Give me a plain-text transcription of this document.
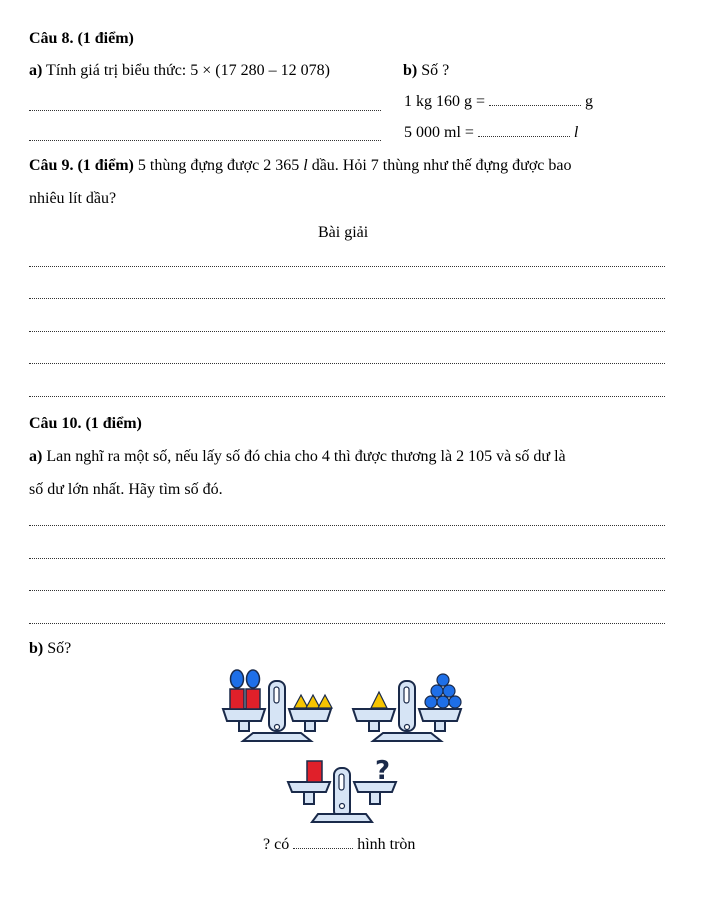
Câu 8. (1 điểm)
a) Tính giá trị biểu thức: 5 × (17 280 – 12 078)	b) Số ?
1 kg 160 g =	g
5 000 ml =	l
Câu 9. (1 điểm) 5 thùng đựng được 2 365 l dầu. Hỏi 7 thùng như thế đựng được bao
nhiêu lít dầu?
Bài giải
Câu 10. (1 điểm)
a) Lan nghĩ ra một số, nếu lấy số đó chia cho 4 thì được thương là 2 105 và số dư là
số dư lớn nhất. Hãy tìm số đó.
b) Số?
?
? có	hình tròn
